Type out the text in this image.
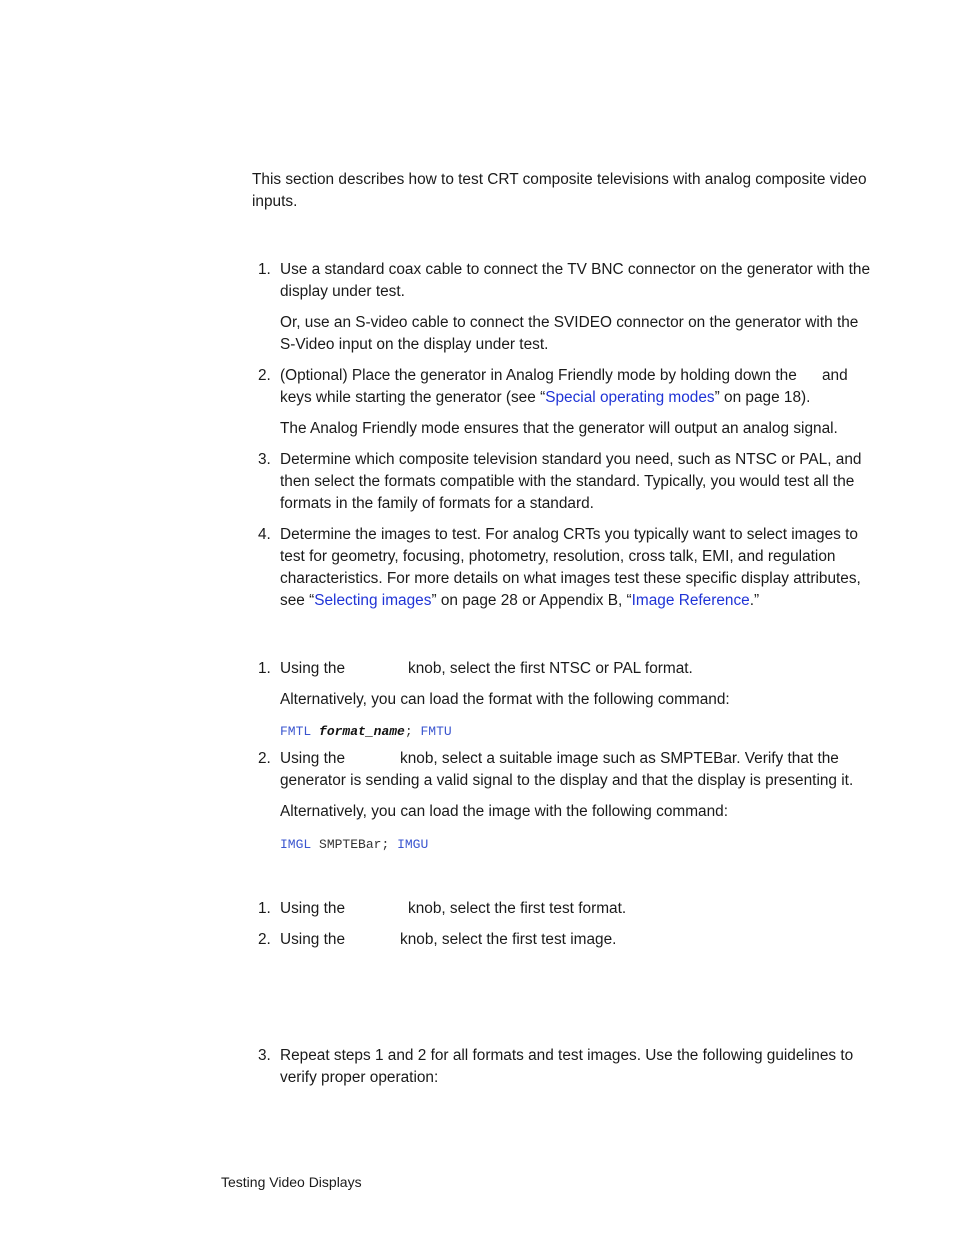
This section describes how to test CRT composite televisions with analog composite video inputs.
1. Use a standard coax cable to connect the TV BNC connector on the generator with the display under test.
Or, use an S-video cable to connect the SVIDEO connector on the generator with the S-Video input on the display under test.
2. (Optional) Place the generator in Analog Friendly mode by holding down the and
keys while starting the generator (see “Special operating modes” on page 18).
The Analog Friendly mode ensures that the generator will output an analog signal.
3. Determine which composite television standard you need, such as NTSC or PAL, and then select the formats compatible with the standard. Typically, you would test all the formats in the family of formats for a standard.
4. Determine the images to test. For analog CRTs you typically want to select images to test for geometry, focusing, photometry, resolution, cross talk, EMI, and regulation characteristics. For more details on what images test these specific display attributes, see “Selecting images” on page 28 or Appendix B, “Image Reference.”
1. Using the	knob, select the first NTSC or PAL format.
Alternatively, you can load the format with the following command:
FMTL format_name; FMTU
2. Using the	knob, select a suitable image such as SMPTEBar. Verify that the
generator is sending a valid signal to the display and that the display is presenting it.
Alternatively, you can load the image with the following command:
IMGL SMPTEBar; IMGU
1. Using the	knob, select the first test format.
2. Using the	knob, select the first test image.
3. Repeat steps 1 and 2 for all formats and test images. Use the following guidelines to verify proper operation:
Testing Video Displays
